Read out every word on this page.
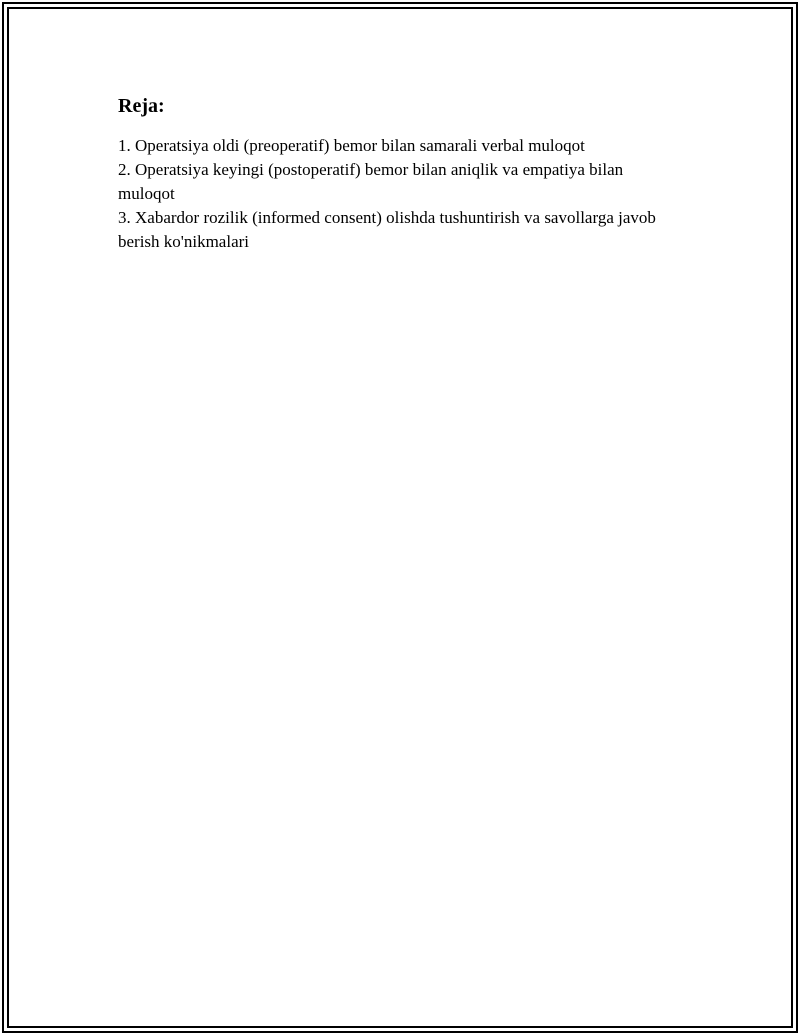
Reja:
1. Operatsiya oldi (preoperatif) bemor bilan samarali verbal muloqot
2. Operatsiya keyingi (postoperatif) bemor bilan aniqlik va empatiya bilan muloqot
3. Xabardor rozilik (informed consent) olishda tushuntirish va savollarga javob berish ko'nikmalari
